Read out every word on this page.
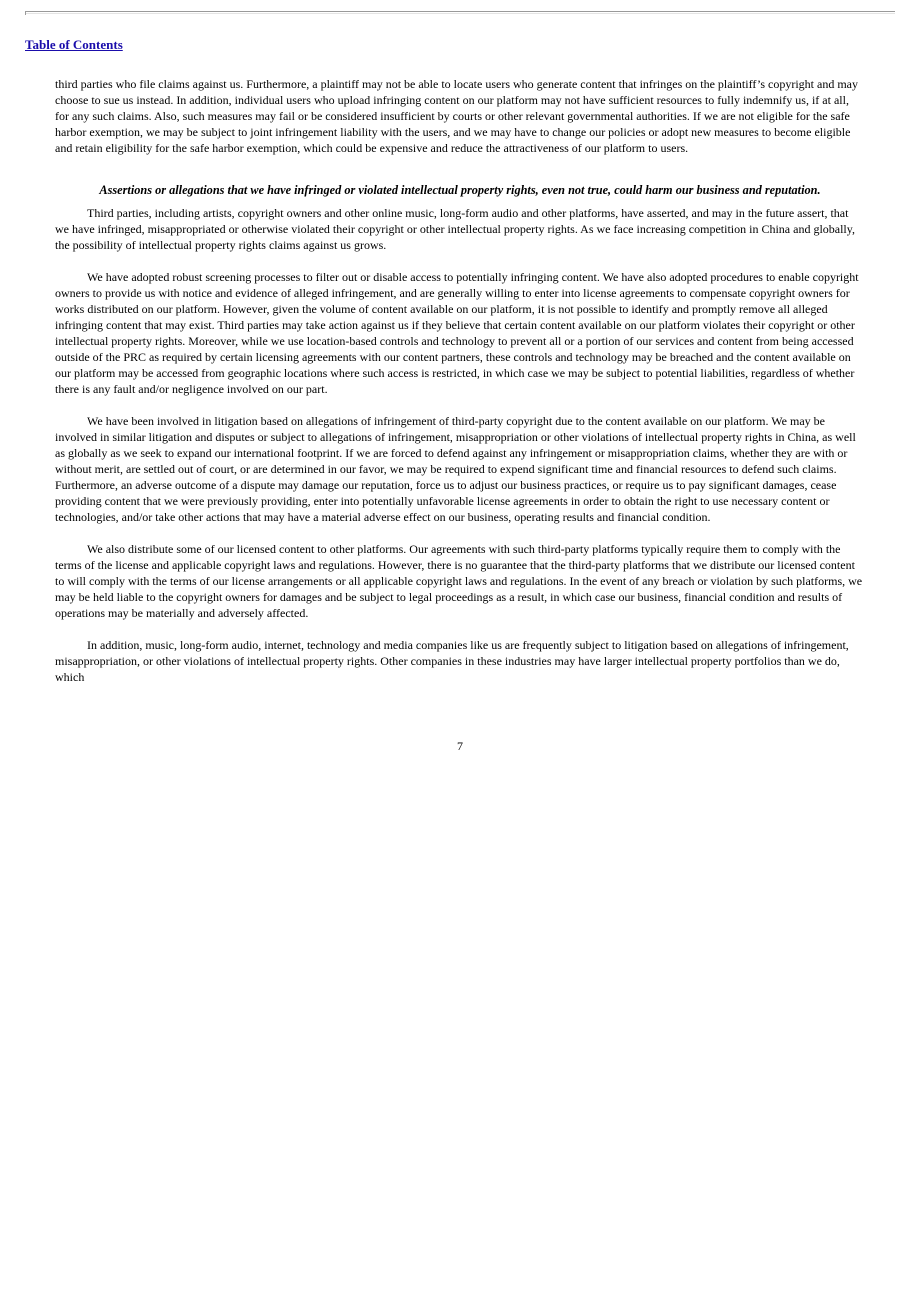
Table of Contents

third parties who file claims against us. Furthermore, a plaintiff may not be able to locate users who generate content that infringes on the plaintiff’s copyright and may choose to sue us instead. In addition, individual users who upload infringing content on our platform may not have sufficient resources to fully indemnify us, if at all, for any such claims. Also, such measures may fail or be considered insufficient by courts or other relevant governmental authorities. If we are not eligible for the safe harbor exemption, we may be subject to joint infringement liability with the users, and we may have to change our policies or adopt new measures to become eligible and retain eligibility for the safe harbor exemption, which could be expensive and reduce the attractiveness of our platform to users.

Assertions or allegations that we have infringed or violated intellectual property rights, even not true, could harm our business and reputation.

Third parties, including artists, copyright owners and other online music, long-form audio and other platforms, have asserted, and may in the future assert, that we have infringed, misappropriated or otherwise violated their copyright or other intellectual property rights. As we face increasing competition in China and globally, the possibility of intellectual property rights claims against us grows.

We have adopted robust screening processes to filter out or disable access to potentially infringing content. We have also adopted procedures to enable copyright owners to provide us with notice and evidence of alleged infringement, and are generally willing to enter into license agreements to compensate copyright owners for works distributed on our platform. However, given the volume of content available on our platform, it is not possible to identify and promptly remove all alleged infringing content that may exist. Third parties may take action against us if they believe that certain content available on our platform violates their copyright or other intellectual property rights. Moreover, while we use location-based controls and technology to prevent all or a portion of our services and content from being accessed outside of the PRC as required by certain licensing agreements with our content partners, these controls and technology may be breached and the content available on our platform may be accessed from geographic locations where such access is restricted, in which case we may be subject to potential liabilities, regardless of whether there is any fault and/or negligence involved on our part.

We have been involved in litigation based on allegations of infringement of third-party copyright due to the content available on our platform. We may be involved in similar litigation and disputes or subject to allegations of infringement, misappropriation or other violations of intellectual property rights in China, as well as globally as we seek to expand our international footprint. If we are forced to defend against any infringement or misappropriation claims, whether they are with or without merit, are settled out of court, or are determined in our favor, we may be required to expend significant time and financial resources to defend such claims. Furthermore, an adverse outcome of a dispute may damage our reputation, force us to adjust our business practices, or require us to pay significant damages, cease providing content that we were previously providing, enter into potentially unfavorable license agreements in order to obtain the right to use necessary content or technologies, and/or take other actions that may have a material adverse effect on our business, operating results and financial condition.

We also distribute some of our licensed content to other platforms. Our agreements with such third-party platforms typically require them to comply with the terms of the license and applicable copyright laws and regulations. However, there is no guarantee that the third-party platforms that we distribute our licensed content to will comply with the terms of our license arrangements or all applicable copyright laws and regulations. In the event of any breach or violation by such platforms, we may be held liable to the copyright owners for damages and be subject to legal proceedings as a result, in which case our business, financial condition and results of operations may be materially and adversely affected.

In addition, music, long-form audio, internet, technology and media companies like us are frequently subject to litigation based on allegations of infringement, misappropriation, or other violations of intellectual property rights. Other companies in these industries may have larger intellectual property portfolios than we do, which

7
